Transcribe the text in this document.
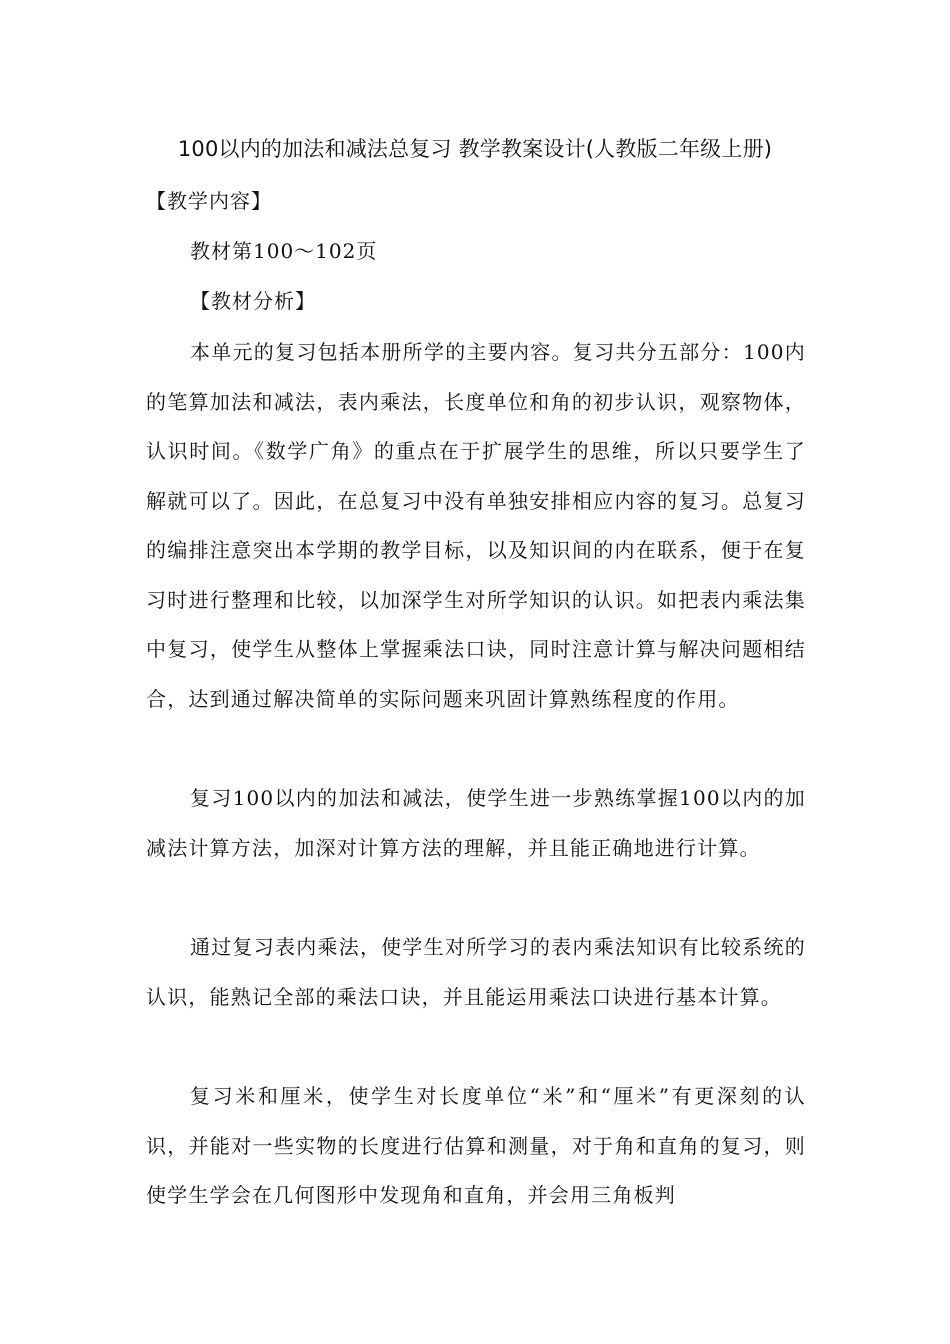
100以内的加法和减法总复习 教学教案设计(人教版二年级上册)
【教学内容】
教材第100～102页
【教材分析】
本单元的复习包括本册所学的主要内容。复习共分五部分：100内的笔算加法和减法，表内乘法，长度单位和角的初步认识，观察物体，认识时间。《数学广角》的重点在于扩展学生的思维，所以只要学生了解就可以了。因此，在总复习中没有单独安排相应内容的复习。总复习的编排注意突出本学期的教学目标，以及知识间的内在联系，便于在复习时进行整理和比较，以加深学生对所学知识的认识。如把表内乘法集中复习，使学生从整体上掌握乘法口诀，同时注意计算与解决问题相结合，达到通过解决简单的实际问题来巩固计算熟练程度的作用。
复习100以内的加法和减法，使学生进一步熟练掌握100以内的加减法计算方法，加深对计算方法的理解，并且能正确地进行计算。
通过复习表内乘法，使学生对所学习的表内乘法知识有比较系统的认识，能熟记全部的乘法口诀，并且能运用乘法口诀进行基本计算。
复习米和厘米，使学生对长度单位“米”和“厘米”有更深刻的认识，并能对一些实物的长度进行估算和测量，对于角和直角的复习，则使学生学会在几何图形中发现角和直角，并会用三角板判
